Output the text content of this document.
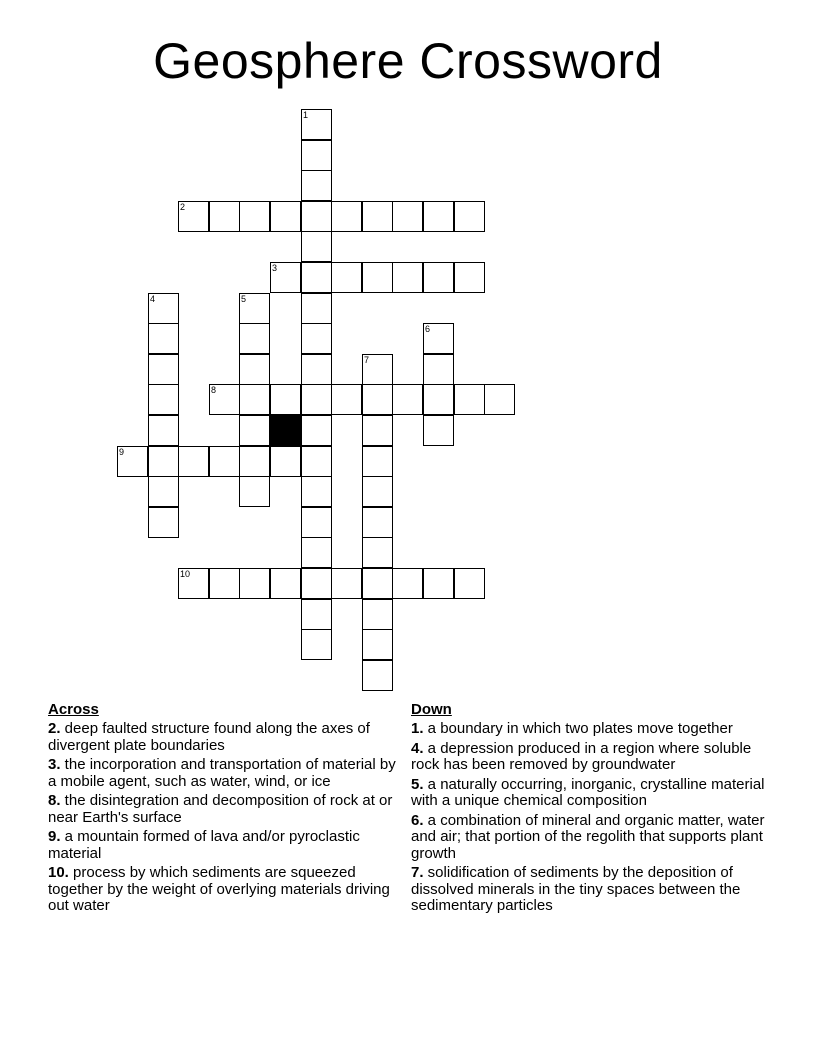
Geosphere Crossword
1
2
3
4	5
6
7
8
9
10
Across
2. deep faulted structure found along the axes of divergent plate boundaries
3. the incorporation and transportation of material by a mobile agent, such as water, wind, or ice
8. the disintegration and decomposition of rock at or near Earth's surface
9. a mountain formed of lava and/or pyroclastic material
10. process by which sediments are squeezed together by the weight of overlying materials driving out water
Down
1. a boundary in which two plates move together
4. a depression produced in a region where soluble rock has been removed by groundwater
5. a naturally occurring, inorganic, crystalline material with a unique chemical composition
6. a combination of mineral and organic matter, water and air; that portion of the regolith that supports plant growth
7. solidification of sediments by the deposition of dissolved minerals in the tiny spaces between the sedimentary particles
